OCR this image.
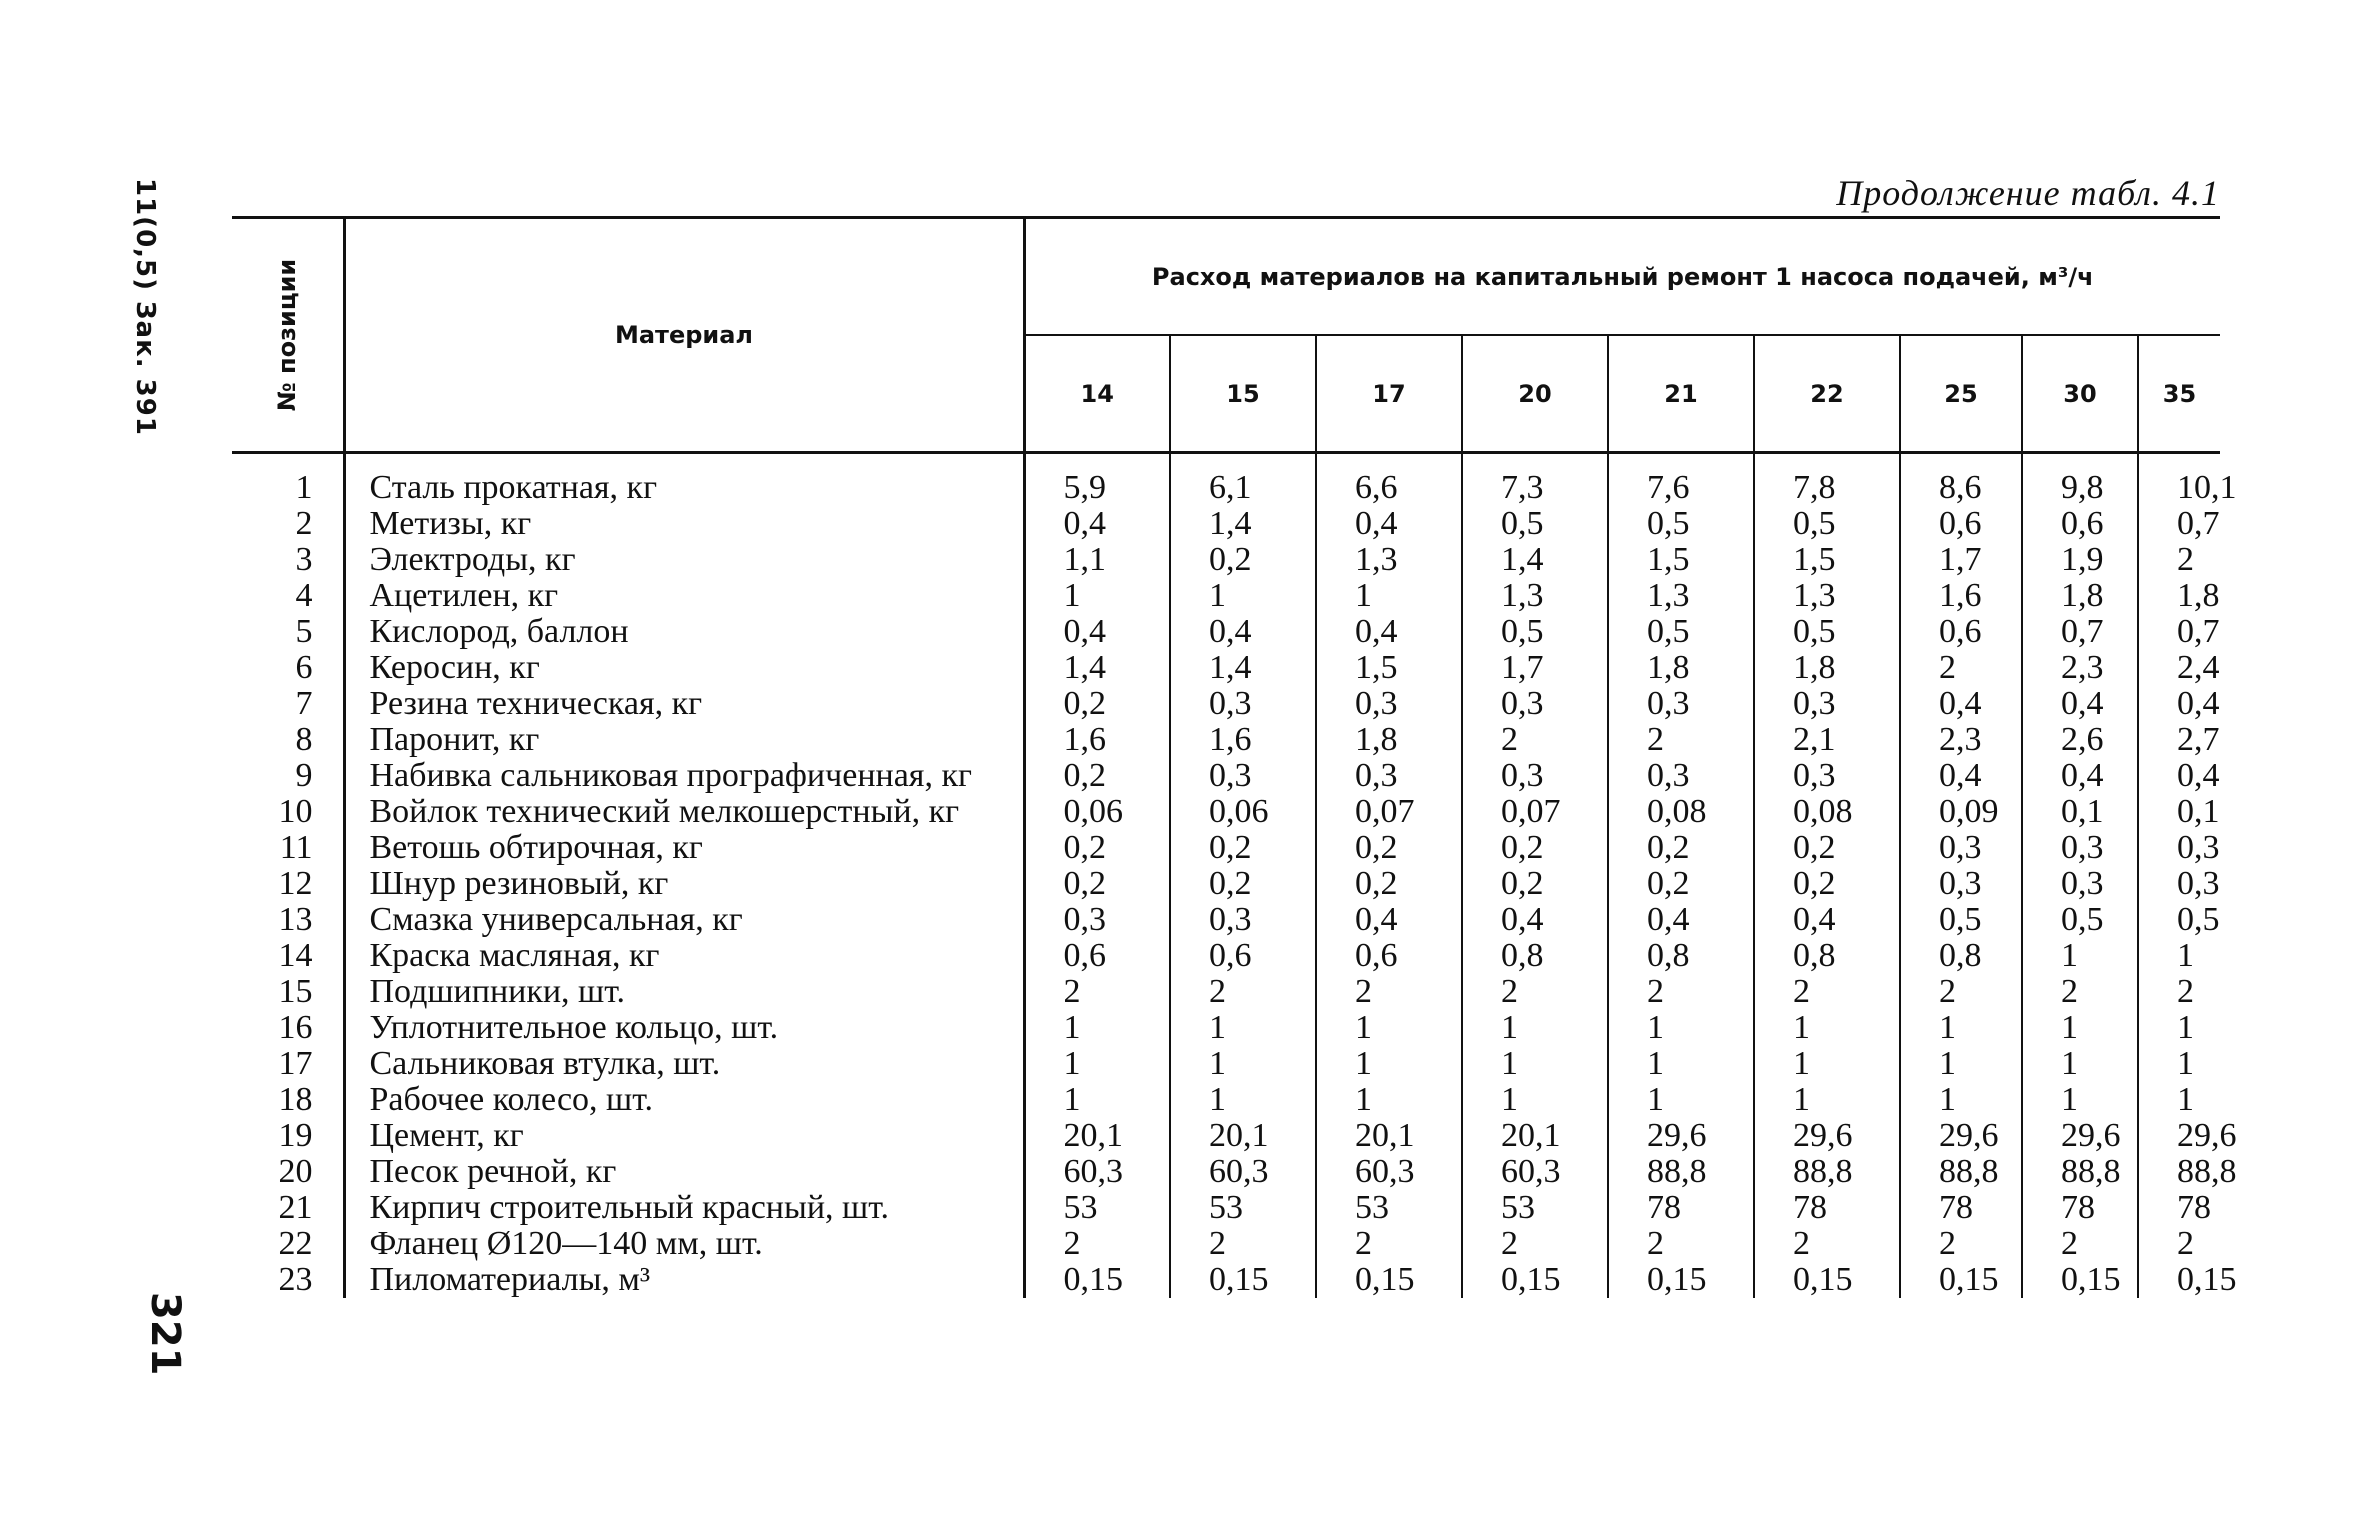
11(0,5) Зак. 391
321
Продолжение табл. 4.1
№ позиции	Материал	Расход материалов на капитальный ремонт 1 насоса подачей, м³/ч								
		14	15	17	20	21	22	25	30	35
1	Сталь прокатная, кг	5,9	6,1	6,6	7,3	7,6	7,8	8,6	9,8	10,1
2	Метизы, кг	0,4	1,4	0,4	0,5	0,5	0,5	0,6	0,6	0,7
3	Электроды, кг	1,1	0,2	1,3	1,4	1,5	1,5	1,7	1,9	2
4	Ацетилен, кг	1	1	1	1,3	1,3	1,3	1,6	1,8	1,8
5	Кислород, баллон	0,4	0,4	0,4	0,5	0,5	0,5	0,6	0,7	0,7
6	Керосин, кг	1,4	1,4	1,5	1,7	1,8	1,8	2	2,3	2,4
7	Резина техническая, кг	0,2	0,3	0,3	0,3	0,3	0,3	0,4	0,4	0,4
8	Паронит, кг	1,6	1,6	1,8	2	2	2,1	2,3	2,6	2,7
9	Набивка сальниковая прографиченная, кг	0,2	0,3	0,3	0,3	0,3	0,3	0,4	0,4	0,4
10	Войлок технический мелкошерстный, кг	0,06	0,06	0,07	0,07	0,08	0,08	0,09	0,1	0,1
11	Ветошь обтирочная, кг	0,2	0,2	0,2	0,2	0,2	0,2	0,3	0,3	0,3
12	Шнур резиновый, кг	0,2	0,2	0,2	0,2	0,2	0,2	0,3	0,3	0,3
13	Смазка универсальная, кг	0,3	0,3	0,4	0,4	0,4	0,4	0,5	0,5	0,5
14	Краска масляная, кг	0,6	0,6	0,6	0,8	0,8	0,8	0,8	1	1
15	Подшипники, шт.	2	2	2	2	2	2	2	2	2
16	Уплотнительное кольцо, шт.	1	1	1	1	1	1	1	1	1
17	Сальниковая втулка, шт.	1	1	1	1	1	1	1	1	1
18	Рабочее колесо, шт.	1	1	1	1	1	1	1	1	1
19	Цемент, кг	20,1	20,1	20,1	20,1	29,6	29,6	29,6	29,6	29,6
20	Песок речной, кг	60,3	60,3	60,3	60,3	88,8	88,8	88,8	88,8	88,8
21	Кирпич строительный красный, шт.	53	53	53	53	78	78	78	78	78
22	Фланец Ø120—140 мм, шт.	2	2	2	2	2	2	2	2	2
23	Пиломатериалы, м³	0,15	0,15	0,15	0,15	0,15	0,15	0,15	0,15	0,15
